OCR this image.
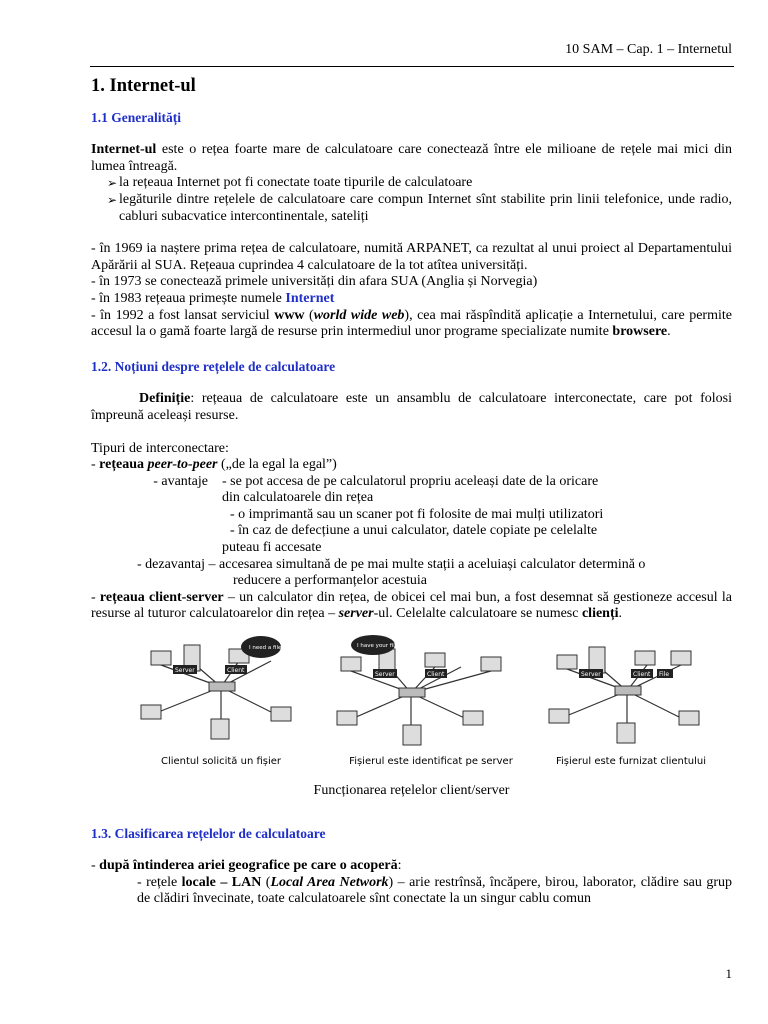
10 SAM – Cap. 1 – Internetul
1. Internet-ul
1.1 Generalități

Internet-ul este o rețea foarte mare de calculatoare care conectează între ele milioane de rețele mai mici din lumea întreagă.

➢ la rețeaua Internet pot fi conectate toate tipurile de calculatoare
➢ legăturile dintre rețelele de calculatoare care compun Internet sînt stabilite prin linii telefonice, unde radio, cabluri subacvatice intercontinentale, sateliți

- în 1969 ia naștere prima rețea de calculatoare, numită ARPANET, ca rezultat al unui proiect al Departamentului Apărării al SUA. Rețeaua cuprindea 4 calculatoare de la tot atîtea universități.

- în 1973 se conectează primele universități din afara SUA (Anglia și Norvegia)

- în 1983 rețeaua primește numele Internet

- în 1992 a fost lansat serviciul www (world wide web), cea mai răspîndită aplicație a Internetului, care permite accesul la o gamă foarte largă de resurse prin intermediul unor programe specializate numite browsere.

1.2. Noțiuni despre rețelele de calculatoare

Definiție: rețeaua de calculatoare este un ansamblu de calculatoare interconectate, care pot folosi împreună aceleași resurse.

Tipuri de interconectare:

- rețeaua peer-to-peer („de la egal la egal”)

- avantaje - se pot accesa de pe calculatorul propriu aceleași date de la oricare
din calculatoarele din rețea
- o imprimantă sau un scaner pot fi folosite de mai mulți utilizatori
- în caz de defecțiune a unui calculator, datele copiate pe celelalte
puteau fi accesate
- dezavantaj – accesarea simultană de pe mai multe stații a aceluiași calculator determină o
reducere a performanțelor acestuia

- rețeaua client-server – un calculator din rețea, de obicei cel mai bun, a fost desemnat să gestioneze accesul la resurse al tuturor calculatoarelor din rețea – server-ul. Celelalte calculatoare se numesc clienți.

Server	Client
I need a file
Clientul solicită un fișier
Server	Client
I have your file
Fișierul este identificat pe server
Server	Client File
Fișierul este furnizat clientului
Funcționarea rețelelor client/server
1.3. Clasificarea rețelelor de calculatoare

- după întinderea ariei geografice pe care o acoperă:

- rețele locale – LAN (Local Area Network) – arie restrînsă, încăpere, birou, laborator, clădire sau grup de clădiri învecinate, toate calculatoarele sînt conectate la un singur cablu comun

1
